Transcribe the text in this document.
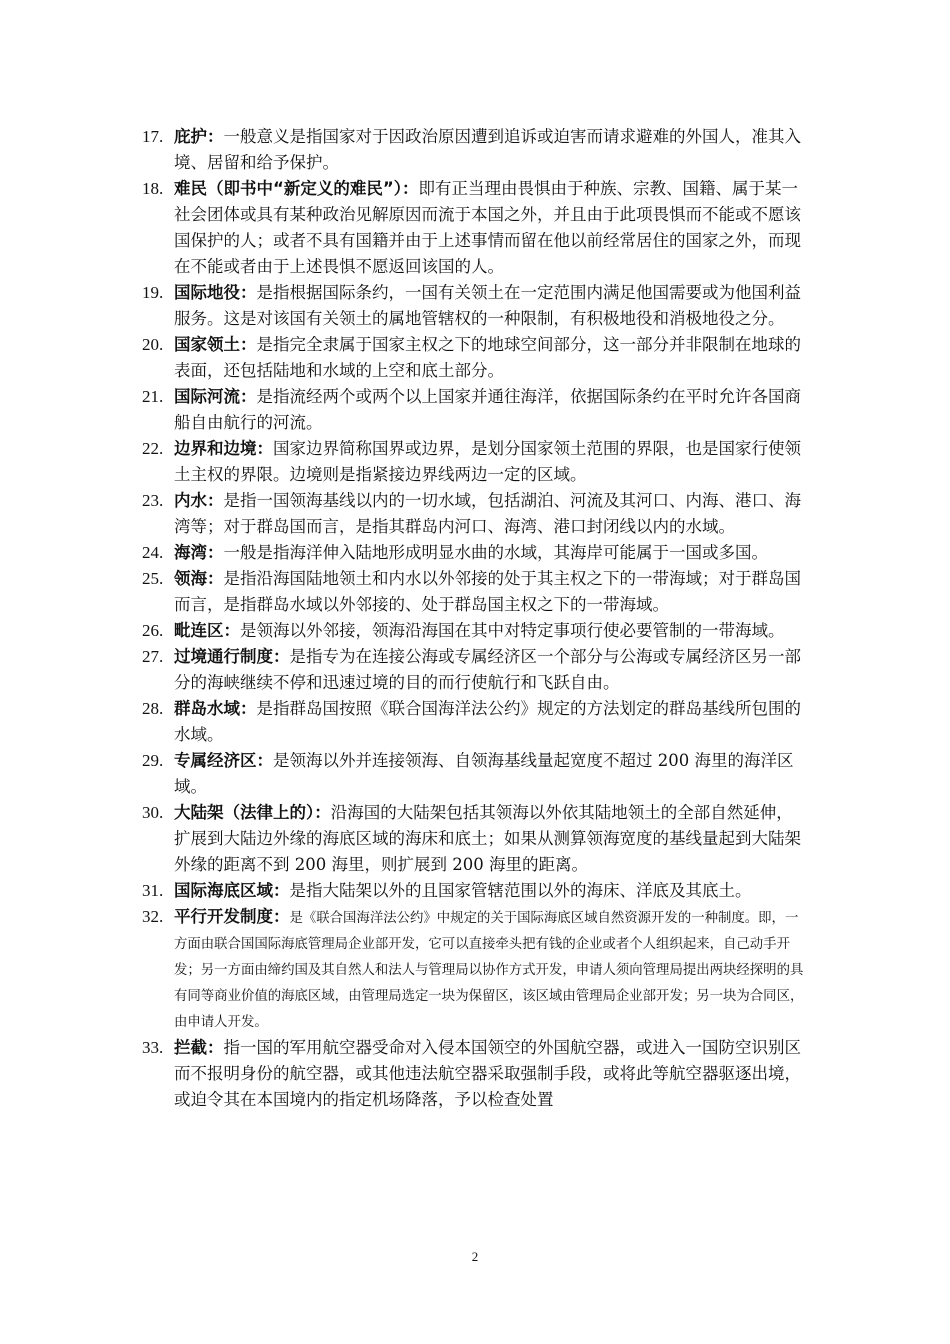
17. 庇护：一般意义是指国家对于因政治原因遭到追诉或迫害而请求避难的外国人，准其入境、居留和给予保护。
18. 难民（即书中“新定义的难民”）：即有正当理由畏惧由于种族、宗教、国籍、属于某一社会团体或具有某种政治见解原因而流于本国之外，并且由于此项畏惧而不能或不愿该国保护的人；或者不具有国籍并由于上述事情而留在他以前经常居住的国家之外，而现在不能或者由于上述畏惧不愿返回该国的人。
19. 国际地役：是指根据国际条约，一国有关领土在一定范围内满足他国需要或为他国利益服务。这是对该国有关领土的属地管辖权的一种限制，有积极地役和消极地役之分。
20. 国家领土：是指完全隶属于国家主权之下的地球空间部分，这一部分并非限制在地球的表面，还包括陆地和水域的上空和底土部分。
21. 国际河流：是指流经两个或两个以上国家并通往海洋，依据国际条约在平时允许各国商船自由航行的河流。
22. 边界和边境：国家边界简称国界或边界，是划分国家领土范围的界限，也是国家行使领土主权的界限。边境则是指紧接边界线两边一定的区域。
23. 内水：是指一国领海基线以内的一切水域，包括湖泊、河流及其河口、内海、港口、海湾等；对于群岛国而言，是指其群岛内河口、海湾、港口封闭线以内的水域。
24. 海湾：一般是指海洋伸入陆地形成明显水曲的水域，其海岸可能属于一国或多国。
25. 领海：是指沿海国陆地领土和内水以外邻接的处于其主权之下的一带海域；对于群岛国而言，是指群岛水域以外邻接的、处于群岛国主权之下的一带海域。
26. 毗连区：是领海以外邻接，领海沿海国在其中对特定事项行使必要管制的一带海域。
27. 过境通行制度：是指专为在连接公海或专属经济区一个部分与公海或专属经济区另一部分的海峡继续不停和迅速过境的目的而行使航行和飞跃自由。
28. 群岛水域：是指群岛国按照《联合国海洋法公约》规定的方法划定的群岛基线所包围的水域。
29. 专属经济区：是领海以外并连接领海、自领海基线量起宽度不超过 200 海里的海洋区域。
30. 大陆架（法律上的）：沿海国的大陆架包括其领海以外依其陆地领土的全部自然延伸，扩展到大陆边外缘的海底区域的海床和底土；如果从测算领海宽度的基线量起到大陆架外缘的距离不到 200 海里，则扩展到 200 海里的距离。
31. 国际海底区域：是指大陆架以外的且国家管辖范围以外的海床、洋底及其底土。
32. 平行开发制度：是《联合国海洋法公约》中规定的关于国际海底区域自然资源开发的一种制度。即，一方面由联合国国际海底管理局企业部开发，它可以直接牵头把有钱的企业或者个人组织起来，自己动手开发；另一方面由缔约国及其自然人和法人与管理局以协作方式开发，申请人须向管理局提出两块经探明的具有同等商业价值的海底区域，由管理局选定一块为保留区，该区域由管理局企业部开发；另一块为合同区，由申请人开发。
33. 拦截：指一国的军用航空器受命对入侵本国领空的外国航空器，或进入一国防空识别区而不报明身份的航空器，或其他违法航空器采取强制手段，或将此等航空器驱逐出境，或迫令其在本国境内的指定机场降落，予以检查处置
2
